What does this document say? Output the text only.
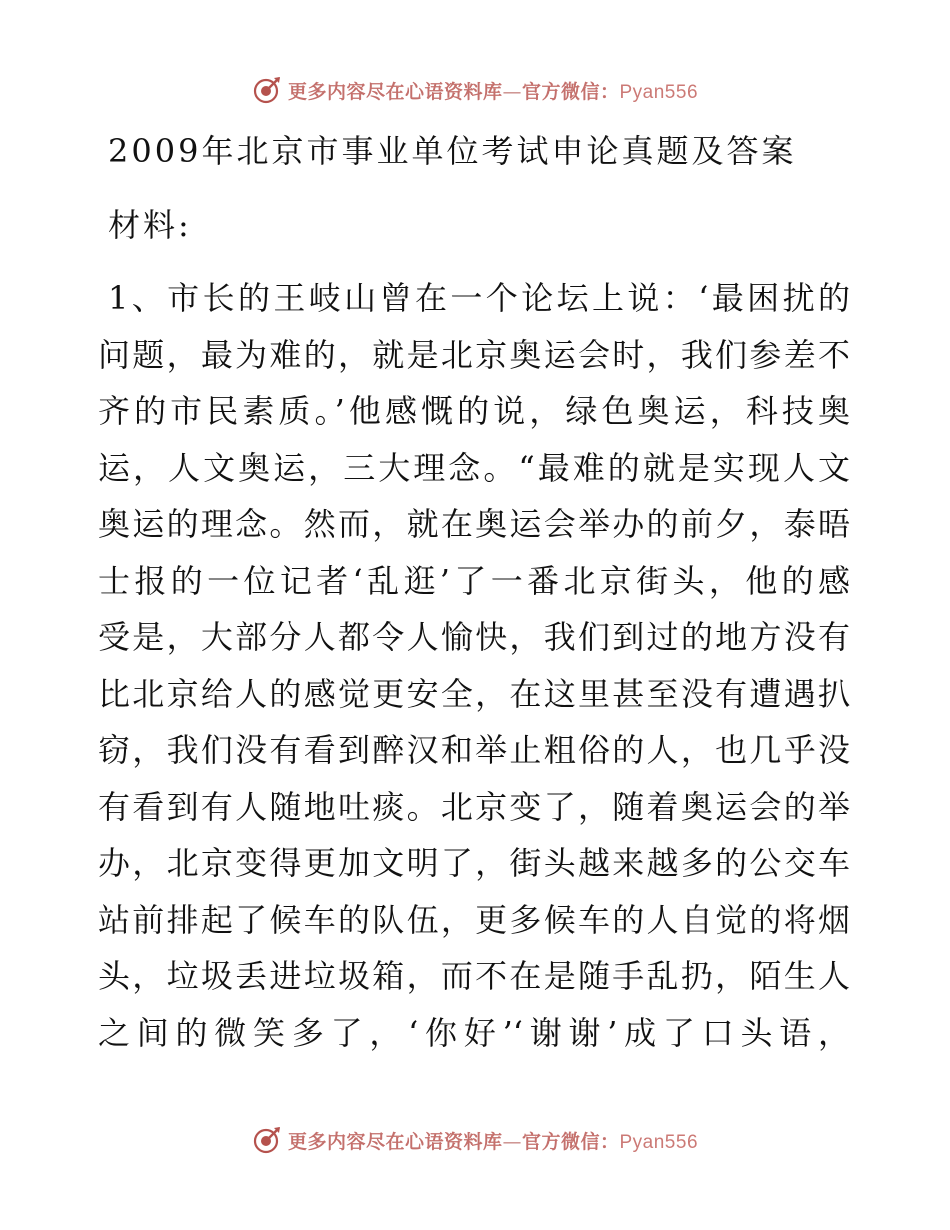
更多内容尽在心语资料库—官方微信：Pyan556
2009年北京市事业单位考试申论真题及答案
材料:
1、市长的王岐山曾在一个论坛上说：‘最困扰的
问题，最为难的，就是北京奥运会时，我们参差不
齐的市民素质。’他感慨的说，绿色奥运，科技奥
运，人文奥运，三大理念。“最难的就是实现人文
奥运的理念。然而，就在奥运会举办的前夕，泰晤
士报的一位记者‘乱逛’了一番北京街头，他的感
受是，大部分人都令人愉快，我们到过的地方没有
比北京给人的感觉更安全，在这里甚至没有遭遇扒
窃，我们没有看到醉汉和举止粗俗的人，也几乎没
有看到有人随地吐痰。北京变了，随着奥运会的举
办，北京变得更加文明了，街头越来越多的公交车
站前排起了候车的队伍，更多候车的人自觉的将烟
头，垃圾丢进垃圾箱，而不在是随手乱扔，陌生人
之间的微笑多了，‘你好’‘谢谢’成了口头语，
更多内容尽在心语资料库—官方微信：Pyan556
